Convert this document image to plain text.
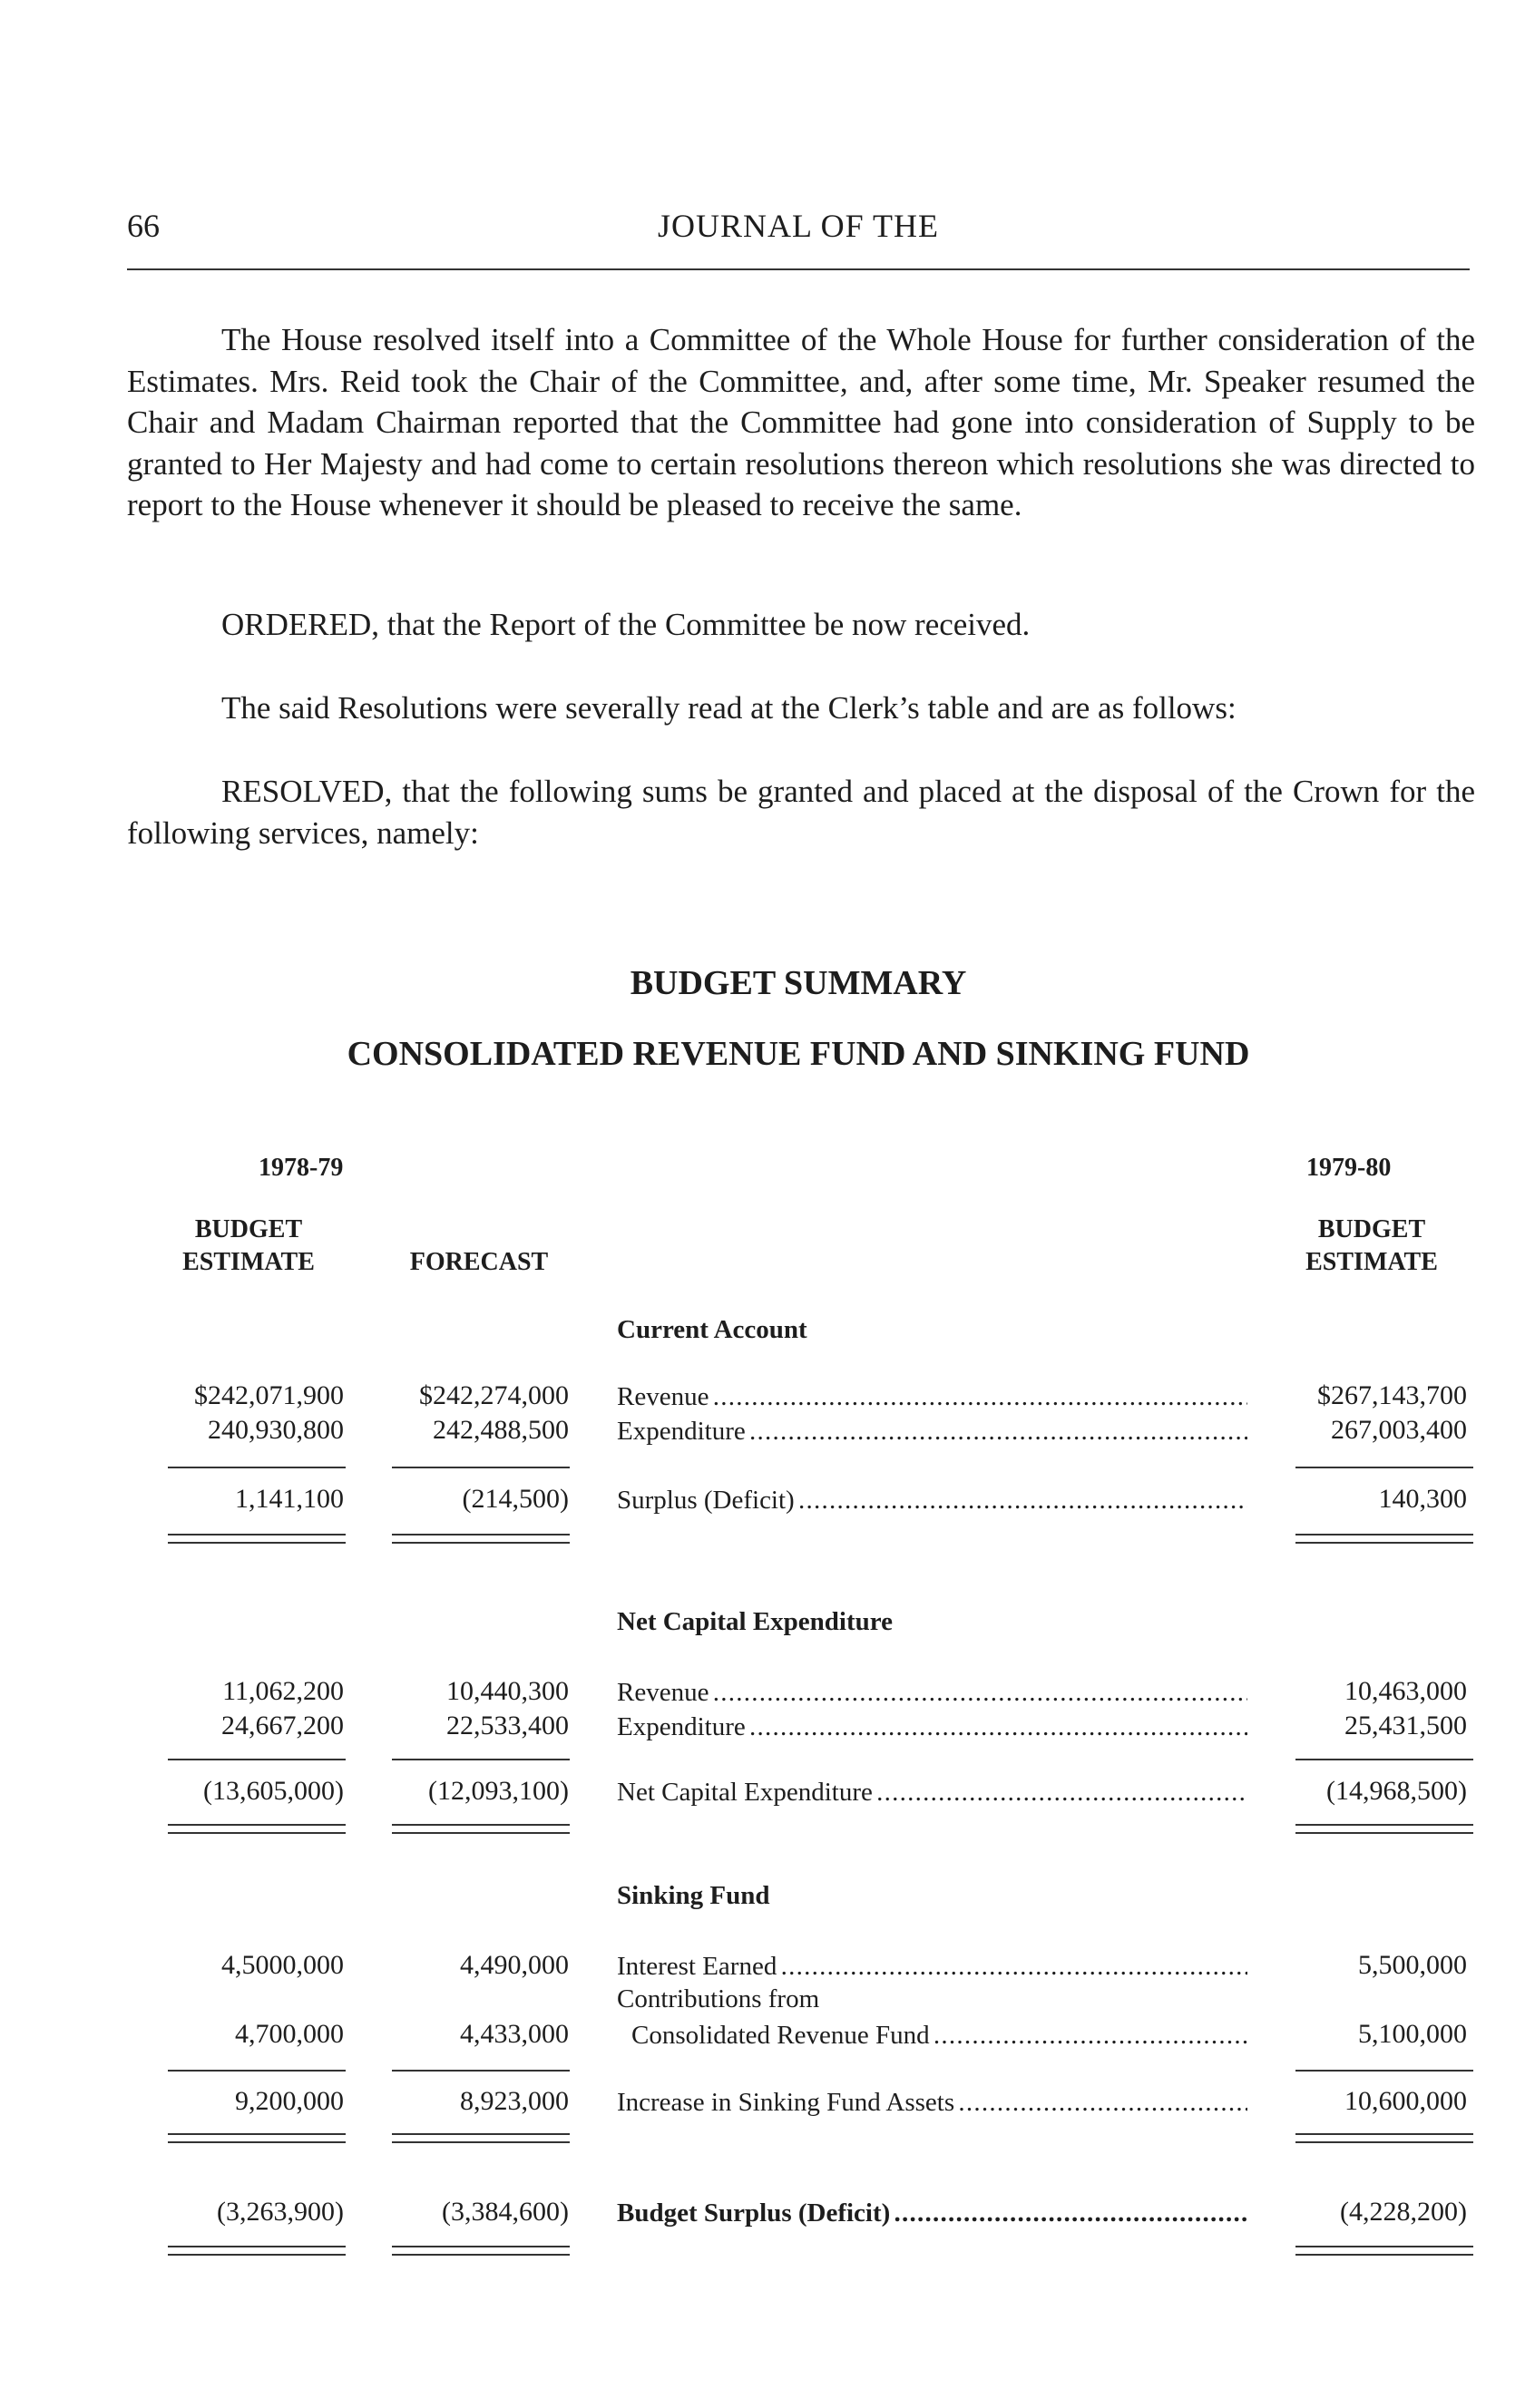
66	JOURNAL OF THE

The House resolved itself into a Committee of the Whole House for further consideration of the Estimates. Mrs. Reid took the Chair of the Committee, and, after some time, Mr. Speaker resumed the Chair and Madam Chairman reported that the Committee had gone into consideration of Supply to be granted to Her Majesty and had come to certain resolutions thereon which resolutions she was directed to report to the House whenever it should be pleased to receive the same.

ORDERED, that the Report of the Committee be now received.

The said Resolutions were severally read at the Clerk’s table and are as follows:

RESOLVED, that the following sums be granted and placed at the disposal of the Crown for the following services, namely:

BUDGET SUMMARY
CONSOLIDATED REVENUE FUND AND SINKING FUND
1978-79	1979-80
BUDGET
ESTIMATE	FORECAST
BUDGET
ESTIMATE
Current Account
$242,071,900	$242,274,000 Revenue . . .	$267,143,700
240,930,800	242,488,500 Expenditure . . .	267,003,400
1,141,100	(214,500) Surplus (Deficit) . . .	140,300
Net Capital Expenditure
11,062,200	10,440,300 Revenue . . .	10,463,000
24,667,200	22,533,400 Expenditure . . .	25,431,500
(13,605,000)	(12,093,100) Net Capital Expenditure . . .	(14,968,500)
Sinking Fund
4,5000,000	4,490,000 Interest Earned . . .	5,500,000
Contributions from
4,700,000	4,433,000 Consolidated Revenue Fund . . .	5,100,000
9,200,000	8,923,000 Increase in Sinking Fund Assets . . .	10,600,000
(3,263,900)	(3,384,600) Budget Surplus (Deficit) . . .	(4,228,200)
